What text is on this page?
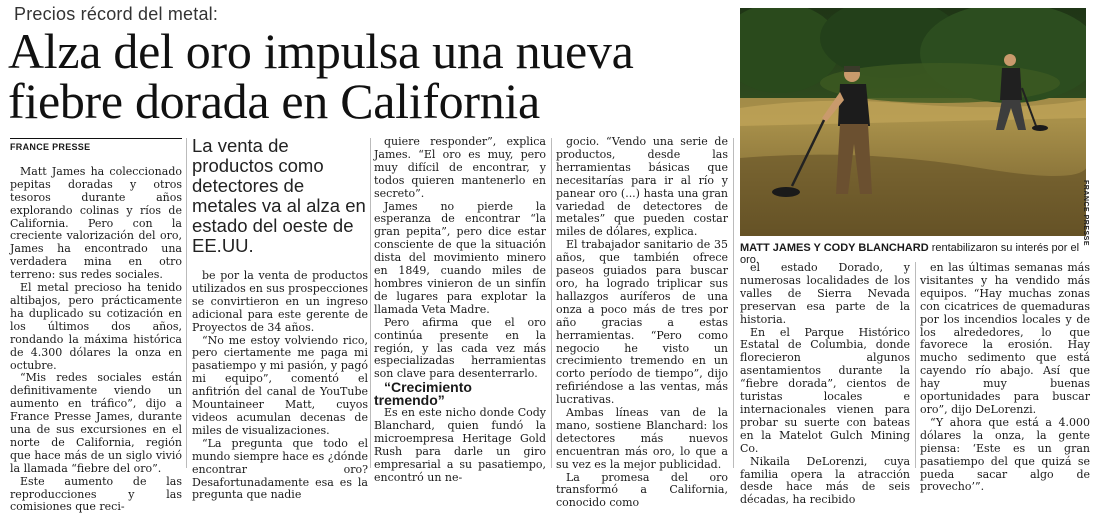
Precios récord del metal:
Alza del oro impulsa una nueva fiebre dorada en California
FRANCE PRESSE

Matt James ha coleccionado pepitas doradas y otros tesoros durante años explorando colinas y ríos de California. Pero con la creciente valorización del oro, James ha encontrado una verdadera mina en otro terreno: sus redes sociales.

El metal precioso ha tenido altibajos, pero prácticamente ha duplicado su cotización en los últimos dos años, rondando la máxima histórica de 4.300 dólares la onza en octubre.

“Mis redes sociales están definitivamente viendo un aumento en tráfico”, dijo a France Presse James, durante una de sus excursiones en el norte de California, región que hace más de un siglo vivió la llamada “fiebre del oro”.

Este aumento de las reproducciones y las comisiones que reci-

La venta de productos como detectores de metales va al alza en estado del oeste de EE.UU.

be por la venta de productos utilizados en sus prospecciones se convirtieron en un ingreso adicional para este gerente de Proyectos de 34 años.

“No me estoy volviendo rico, pero ciertamente me paga mi pasatiempo y mi pasión, y pagó mi equipo”, comentó el anfitrión del canal de YouTube Mountaineer Matt, cuyos videos acumulan decenas de miles de visualizaciones.

“La pregunta que todo el mundo siempre hace es ¿dónde encontrar oro? Desafortunadamente esa es la pregunta que nadie

quiere responder”, explica James. “El oro es muy, pero muy difícil de encontrar, y todos quieren mantenerlo en secreto”.

James no pierde la esperanza de encontrar “la gran pepita”, pero dice estar consciente de que la situación dista del movimiento minero en 1849, cuando miles de hombres vinieron de un sinfín de lugares para explotar la llamada Veta Madre.

Pero afirma que el oro continúa presente en la región, y las cada vez más especializadas herramientas son clave para desenterrarlo.

“Crecimiento tremendo”

Es en este nicho donde Cody Blanchard, quien fundó la microempresa Heritage Gold Rush para darle un giro empresarial a su pasatiempo, encontró un ne-

gocio. “Vendo una serie de productos, desde las herramientas básicas que necesitarías para ir al río y panear oro (...) hasta una gran variedad de detectores de metales” que pueden costar miles de dólares, explica.

El trabajador sanitario de 35 años, que también ofrece paseos guiados para buscar oro, ha logrado triplicar sus hallazgos auríferos de una onza a poco más de tres por año gracias a estas herramientas. “Pero como negocio he visto un crecimiento tremendo en un corto período de tiempo”, dijo refiriéndose a las ventas, más lucrativas.

Ambas líneas van de la mano, sostiene Blanchard: los detectores más nuevos encuentran más oro, lo que a su vez es la mejor publicidad.

La promesa del oro transformó a California, conocido como

el estado Dorado, y numerosas localidades de los valles de Sierra Nevada preservan esa parte de la historia.

En el Parque Histórico Estatal de Columbia, donde florecieron algunos asentamientos durante la “fiebre dorada”, cientos de turistas locales e internacionales vienen para probar su suerte con bateas en la Matelot Gulch Mining Co.

Nikaila DeLorenzi, cuya familia opera la atracción desde hace más de seis décadas, ha recibido

en las últimas semanas más visitantes y ha vendido más equipos. “Hay muchas zonas con cicatrices de quemaduras por los incendios locales y de los alrededores, lo que favorece la erosión. Hay mucho sedimento que está cayendo río abajo. Así que hay muy buenas oportunidades para buscar oro”, dijo DeLorenzi.

“Y ahora que está a 4.000 dólares la onza, la gente piensa: ‘Este es un gran pasatiempo del que quizá se pueda sacar algo de provecho’”.

FRANCE PRESSE
MATT JAMES Y CODY BLANCHARD rentabilizaron su interés por el oro.
